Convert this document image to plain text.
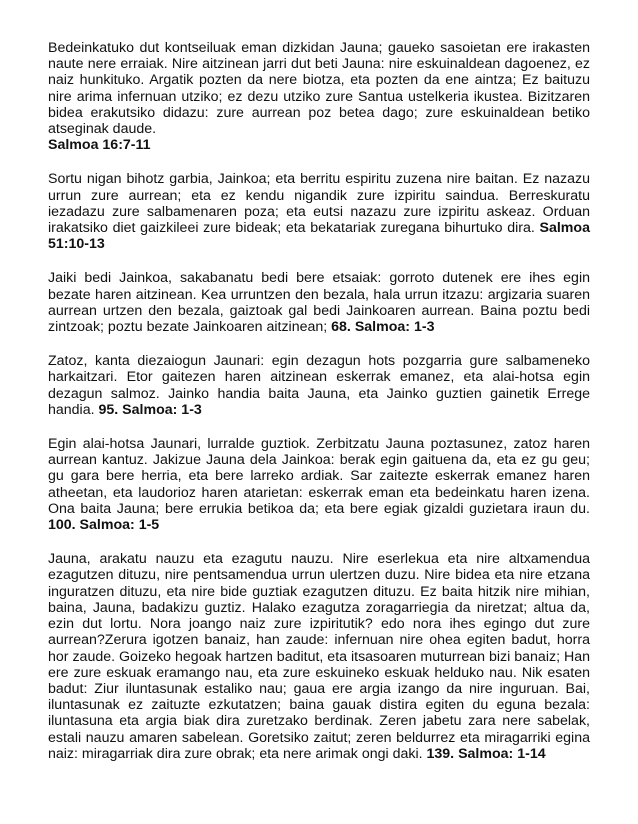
Bedeinkatuko dut kontseiluak eman dizkidan Jauna; gaueko sasoietan ere irakasten naute nere erraiak. Nire aitzinean jarri dut beti Jauna: nire eskuinaldean dagoenez, ez naiz hunkituko. Argatik pozten da nere biotza, eta pozten da ene aintza; Ez baituzu nire arima infernuan utziko; ez dezu utziko zure Santua ustelkeria ikustea. Bizitzaren bidea erakutsiko didazu: zure aurrean poz betea dago; zure eskuinaldean betiko atseginak daude.
Salmoa 16:7-11

Sortu nigan bihotz garbia, Jainkoa; eta berritu espiritu zuzena nire baitan. Ez nazazu urrun zure aurrean; eta ez kendu nigandik zure izpiritu saindua. Berreskuratu iezadazu zure salbamenaren poza; eta eutsi nazazu zure izpiritu askeaz. Orduan irakatsiko diet gaizkileei zure bideak; eta bekatariak zuregana bihurtuko dira. Salmoa 51:10-13

Jaiki bedi Jainkoa, sakabanatu bedi bere etsaiak: gorroto dutenek ere ihes egin bezate haren aitzinean. Kea urruntzen den bezala, hala urrun itzazu: argizaria suaren aurrean urtzen den bezala, gaiztoak gal bedi Jainkoaren aurrean. Baina poztu bedi zintzoak; poztu bezate Jainkoaren aitzinean; 68. Salmoa: 1-3

Zatoz, kanta diezaiogun Jaunari: egin dezagun hots pozgarria gure salbameneko harkaitzari. Etor gaitezen haren aitzinean eskerrak emanez, eta alai-hotsa egin dezagun salmoz. Jainko handia baita Jauna, eta Jainko guztien gainetik Errege handia. 95. Salmoa: 1-3

Egin alai-hotsa Jaunari, lurralde guztiok. Zerbitzatu Jauna poztasunez, zatoz haren aurrean kantuz. Jakizue Jauna dela Jainkoa: berak egin gaituena da, eta ez gu geu; gu gara bere herria, eta bere larreko ardiak. Sar zaitezte eskerrak emanez haren atheetan, eta laudorioz haren atarietan: eskerrak eman eta bedeinkatu haren izena. Ona baita Jauna; bere errukia betikoa da; eta bere egiak gizaldi guzietara iraun du. 100. Salmoa: 1-5

Jauna, arakatu nauzu eta ezagutu nauzu. Nire eserlekua eta nire altxamendua ezagutzen dituzu, nire pentsamendua urrun ulertzen duzu. Nire bidea eta nire etzana inguratzen dituzu, eta nire bide guztiak ezagutzen dituzu. Ez baita hitzik nire mihian, baina, Jauna, badakizu guztiz. Halako ezagutza zoragarriegia da niretzat; altua da, ezin dut lortu. Nora joango naiz zure izpiritutik? edo nora ihes egingo dut zure aurrean?Zerura igotzen banaiz, han zaude: infernuan nire ohea egiten badut, horra hor zaude. Goizeko hegoak hartzen baditut, eta itsasoaren muturrean bizi banaiz; Han ere zure eskuak eramango nau, eta zure eskuineko eskuak helduko nau. Nik esaten badut: Ziur iluntasunak estaliko nau; gaua ere argia izango da nire inguruan. Bai, iluntasunak ez zaituzte ezkutatzen; baina gauak distira egiten du eguna bezala: iluntasuna eta argia biak dira zuretzako berdinak. Zeren jabetu zara nere sabelak, estali nauzu amaren sabelean. Goretsiko zaitut; zeren beldurrez eta miragarriki egina naiz: miragarriak dira zure obrak; eta nere arimak ongi daki. 139. Salmoa: 1-14
